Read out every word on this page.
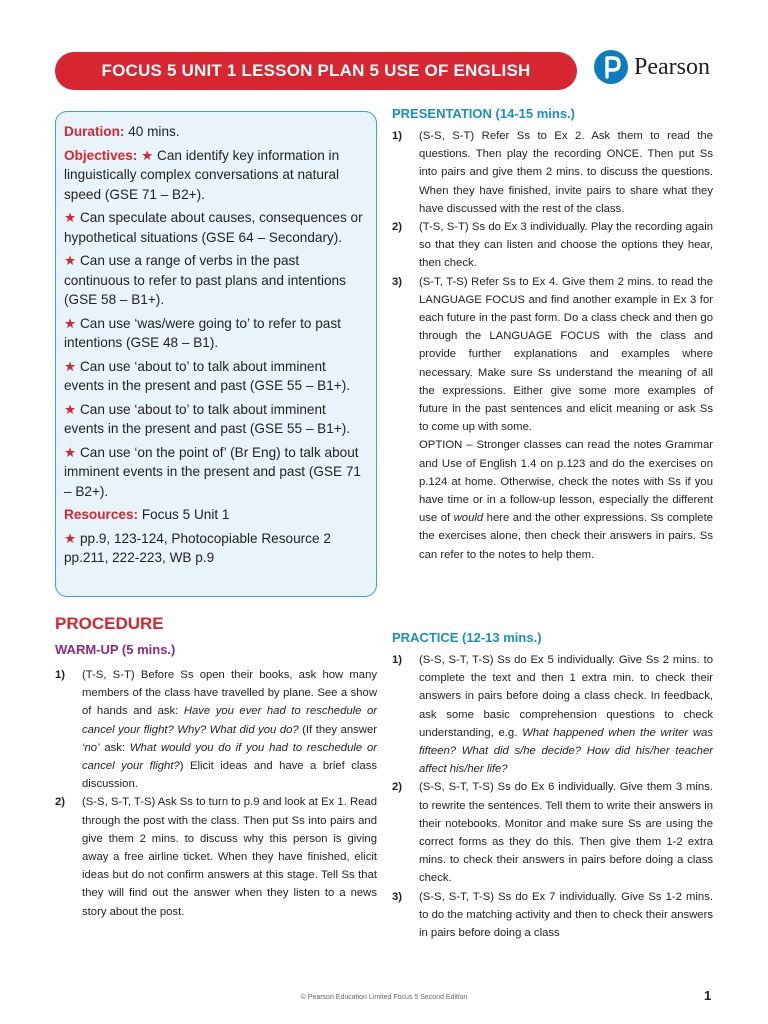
FOCUS 5 UNIT 1 LESSON PLAN 5 USE OF ENGLISH	Pearson

Duration: 40 mins.

Objectives: ★ Can identify key information in linguistically complex conversations at natural speed (GSE 71 – B2+).

★ Can speculate about causes, consequences or hypothetical situations (GSE 64 – Secondary).

★ Can use a range of verbs in the past continuous to refer to past plans and intentions (GSE 58 – B1+).

★ Can use ‘was/were going to’ to refer to past intentions (GSE 48 – B1).

★ Can use ‘about to’ to talk about imminent events in the present and past (GSE 55 – B1+).

★ Can use ‘about to’ to talk about imminent events in the present and past (GSE 55 – B1+).

★ Can use ‘on the point of’ (Br Eng) to talk about imminent events in the present and past (GSE 71 – B2+).

Resources: Focus 5 Unit 1

★ pp.9, 123-124, Photocopiable Resource 2 pp.211, 222-223, WB p.9

PROCEDURE
WARM-UP (5 mins.)
1) (T-S, S-T) Before Ss open their books, ask how many members of the class have travelled by plane. See a show of hands and ask: Have you ever had to reschedule or cancel your flight? Why? What did you do? (If they answer ‘no’ ask: What would you do if you had to reschedule or cancel your flight?) Elicit ideas and have a brief class discussion.
2) (S-S, S-T, T-S) Ask Ss to turn to p.9 and look at Ex 1. Read through the post with the class. Then put Ss into pairs and give them 2 mins. to discuss why this person is giving away a free airline ticket. When they have finished, elicit ideas but do not confirm answers at this stage. Tell Ss that they will find out the answer when they listen to a news story about the post.
PRESENTATION (14-15 mins.)
1) (S-S, S-T) Refer Ss to Ex 2. Ask them to read the questions. Then play the recording ONCE. Then put Ss into pairs and give them 2 mins. to discuss the questions. When they have finished, invite pairs to share what they have discussed with the rest of the class.
2) (T-S, S-T) Ss do Ex 3 individually. Play the recording again so that they can listen and choose the options they hear, then check.
3) (S-T, T-S) Refer Ss to Ex 4. Give them 2 mins. to read the LANGUAGE FOCUS and find another example in Ex 3 for each future in the past form. Do a class check and then go through the LANGUAGE FOCUS with the class and provide further explanations and examples where necessary. Make sure Ss understand the meaning of all the expressions. Either give some more examples of future in the past sentences and elicit meaning or ask Ss to come up with some.
OPTION – Stronger classes can read the notes Grammar and Use of English 1.4 on p.123 and do the exercises on p.124 at home. Otherwise, check the notes with Ss if you have time or in a follow-up lesson, especially the different use of would here and the other expressions. Ss complete the exercises alone, then check their answers in pairs. Ss can refer to the notes to help them.
PRACTICE (12-13 mins.)
1) (S-S, S-T, T-S) Ss do Ex 5 individually. Give Ss 2 mins. to complete the text and then 1 extra min. to check their answers in pairs before doing a class check. In feedback, ask some basic comprehension questions to check understanding, e.g. What happened when the writer was fifteen? What did s/he decide? How did his/her teacher affect his/her life?
2) (S-S, S-T, T-S) Ss do Ex 6 individually. Give them 3 mins. to rewrite the sentences. Tell them to write their answers in their notebooks. Monitor and make sure Ss are using the correct forms as they do this. Then give them 1-2 extra mins. to check their answers in pairs before doing a class check.
3) (S-S, S-T, T-S) Ss do Ex 7 individually. Give Ss 1-2 mins. to do the matching activity and then to check their answers in pairs before doing a class
© Pearson Education Limited Focus 5 Second Edition	1
